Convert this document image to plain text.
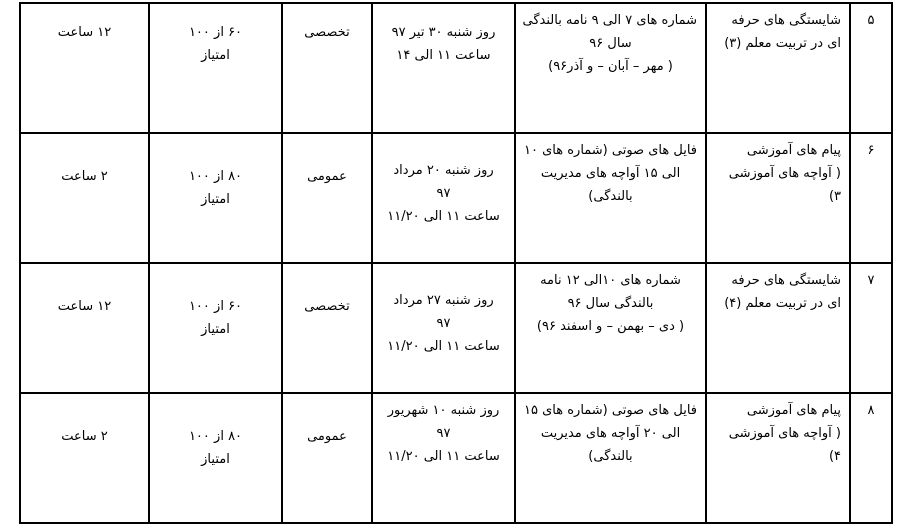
۵	شایستگی های حرفه
ای در تربیت معلم (۳)	شماره های ۷ الی ۹ نامه بالندگی
سال ۹۶
( مهر – آبان – و آذر۹۶)	روز شنبه ۳۰ تیر ۹۷
ساعت ۱۱ الی ۱۴	تخصصی	۶۰ از ۱۰۰
امتیاز	۱۲ ساعت

۶	پیام های آموزشی
( آواچه های آموزشی
۳)	فایل های صوتی (شماره های ۱۰
الی ۱۵ آواچه های مدیریت
بالندگی)	روز شنبه ۲۰ مرداد
۹۷
ساعت ۱۱ الی ۱۱/۲۰	عمومی	۸۰ از ۱۰۰
امتیاز	۲ ساعت

۷	شایستگی های حرفه
ای در تربیت معلم (۴)	شماره های ۱۰الی ۱۲ نامه
بالندگی سال ۹۶
( دی – بهمن – و اسفند ۹۶)	روز شنبه ۲۷ مرداد
۹۷
ساعت ۱۱ الی ۱۱/۲۰	تخصصی	۶۰ از ۱۰۰
امتیاز	۱۲ ساعت

۸	پیام های آموزشی
( آواچه های آموزشی
۴)	فایل های صوتی (شماره های ۱۵
الی ۲۰ آواچه های مدیریت
بالندگی)	روز شنبه ۱۰ شهریور
۹۷
ساعت ۱۱ الی ۱۱/۲۰	عمومی	۸۰ از ۱۰۰
امتیاز	۲ ساعت
